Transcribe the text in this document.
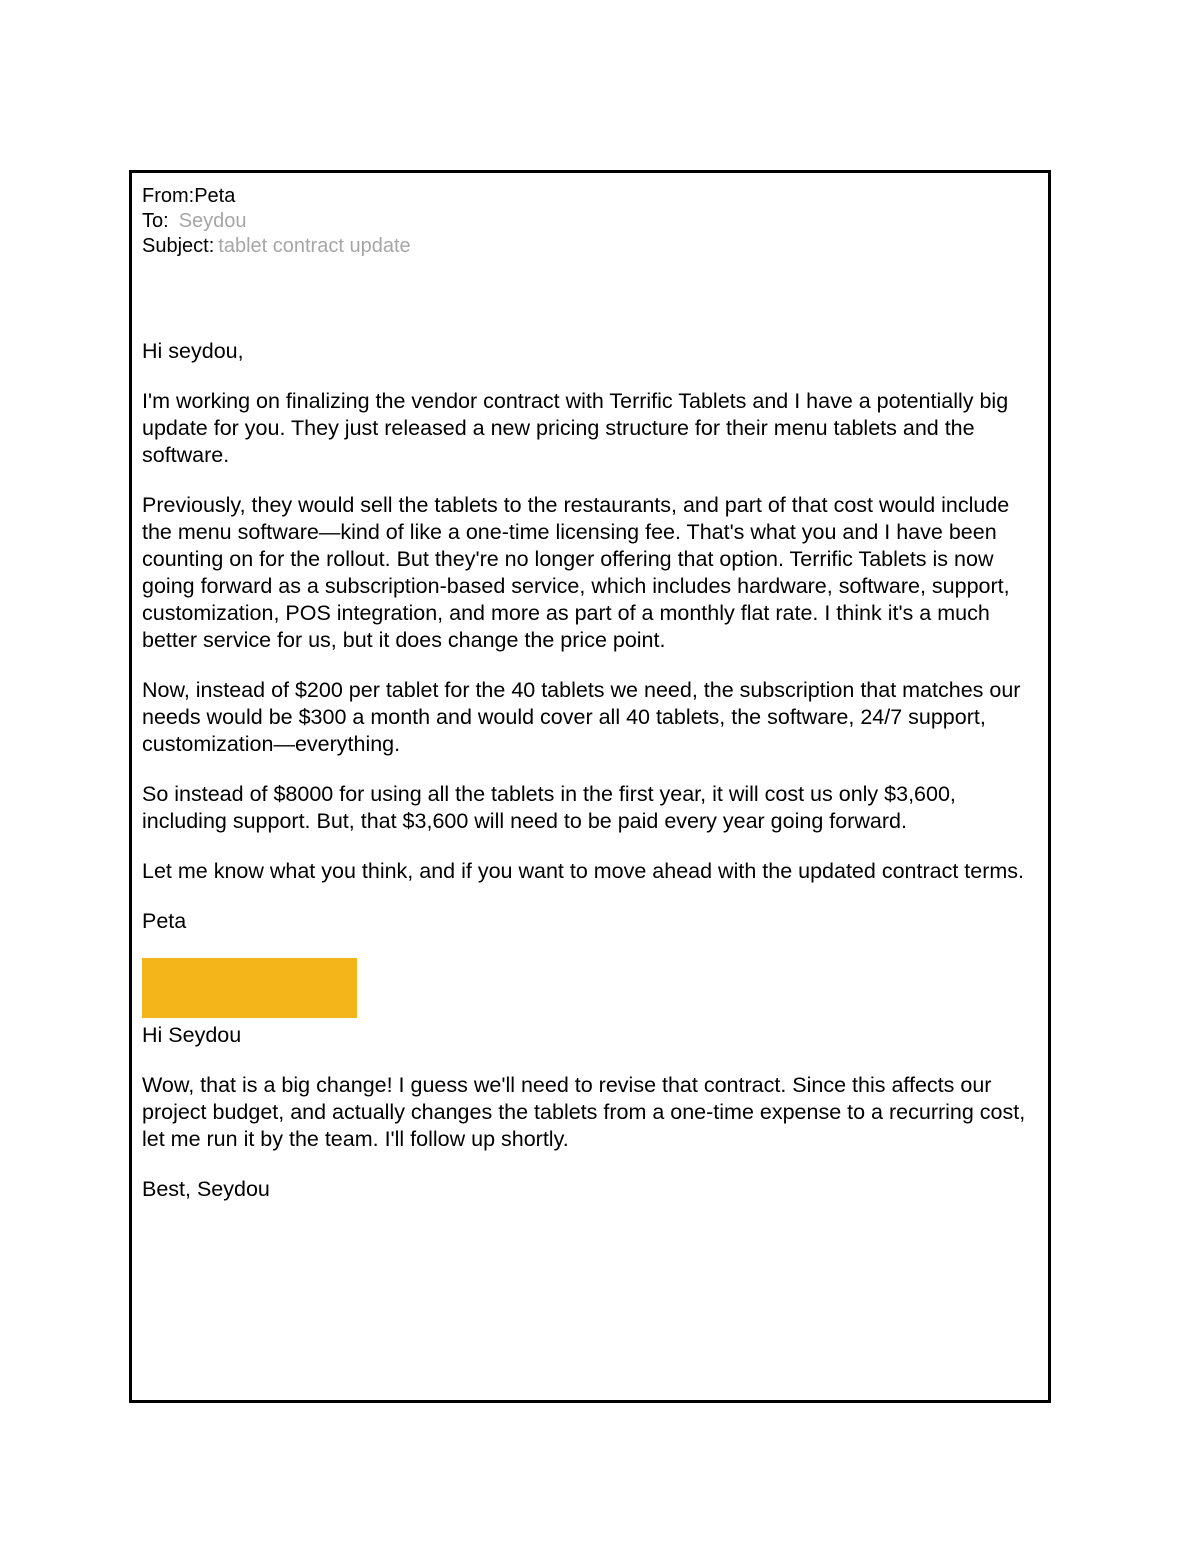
From:Peta
To: Seydou
Subject: tablet contract update

Hi seydou,

I'm working on finalizing the vendor contract with Terrific Tablets and I have a potentially big update for you. They just released a new pricing structure for their menu tablets and the software.

Previously, they would sell the tablets to the restaurants, and part of that cost would include the menu software—kind of like a one-time licensing fee. That's what you and I have been counting on for the rollout. But they're no longer offering that option. Terrific Tablets is now going forward as a subscription-based service, which includes hardware, software, support, customization, POS integration, and more as part of a monthly flat rate. I think it's a much better service for us, but it does change the price point.

Now, instead of $200 per tablet for the 40 tablets we need, the subscription that matches our needs would be $300 a month and would cover all 40 tablets, the software, 24/7 support, customization—everything.

So instead of $8000 for using all the tablets in the first year, it will cost us only $3,600, including support. But, that $3,600 will need to be paid every year going forward.

Let me know what you think, and if you want to move ahead with the updated contract terms.

Peta

Hi Seydou

Wow, that is a big change! I guess we'll need to revise that contract. Since this affects our project budget, and actually changes the tablets from a one-time expense to a recurring cost, let me run it by the team. I'll follow up shortly.

Best, Seydou
